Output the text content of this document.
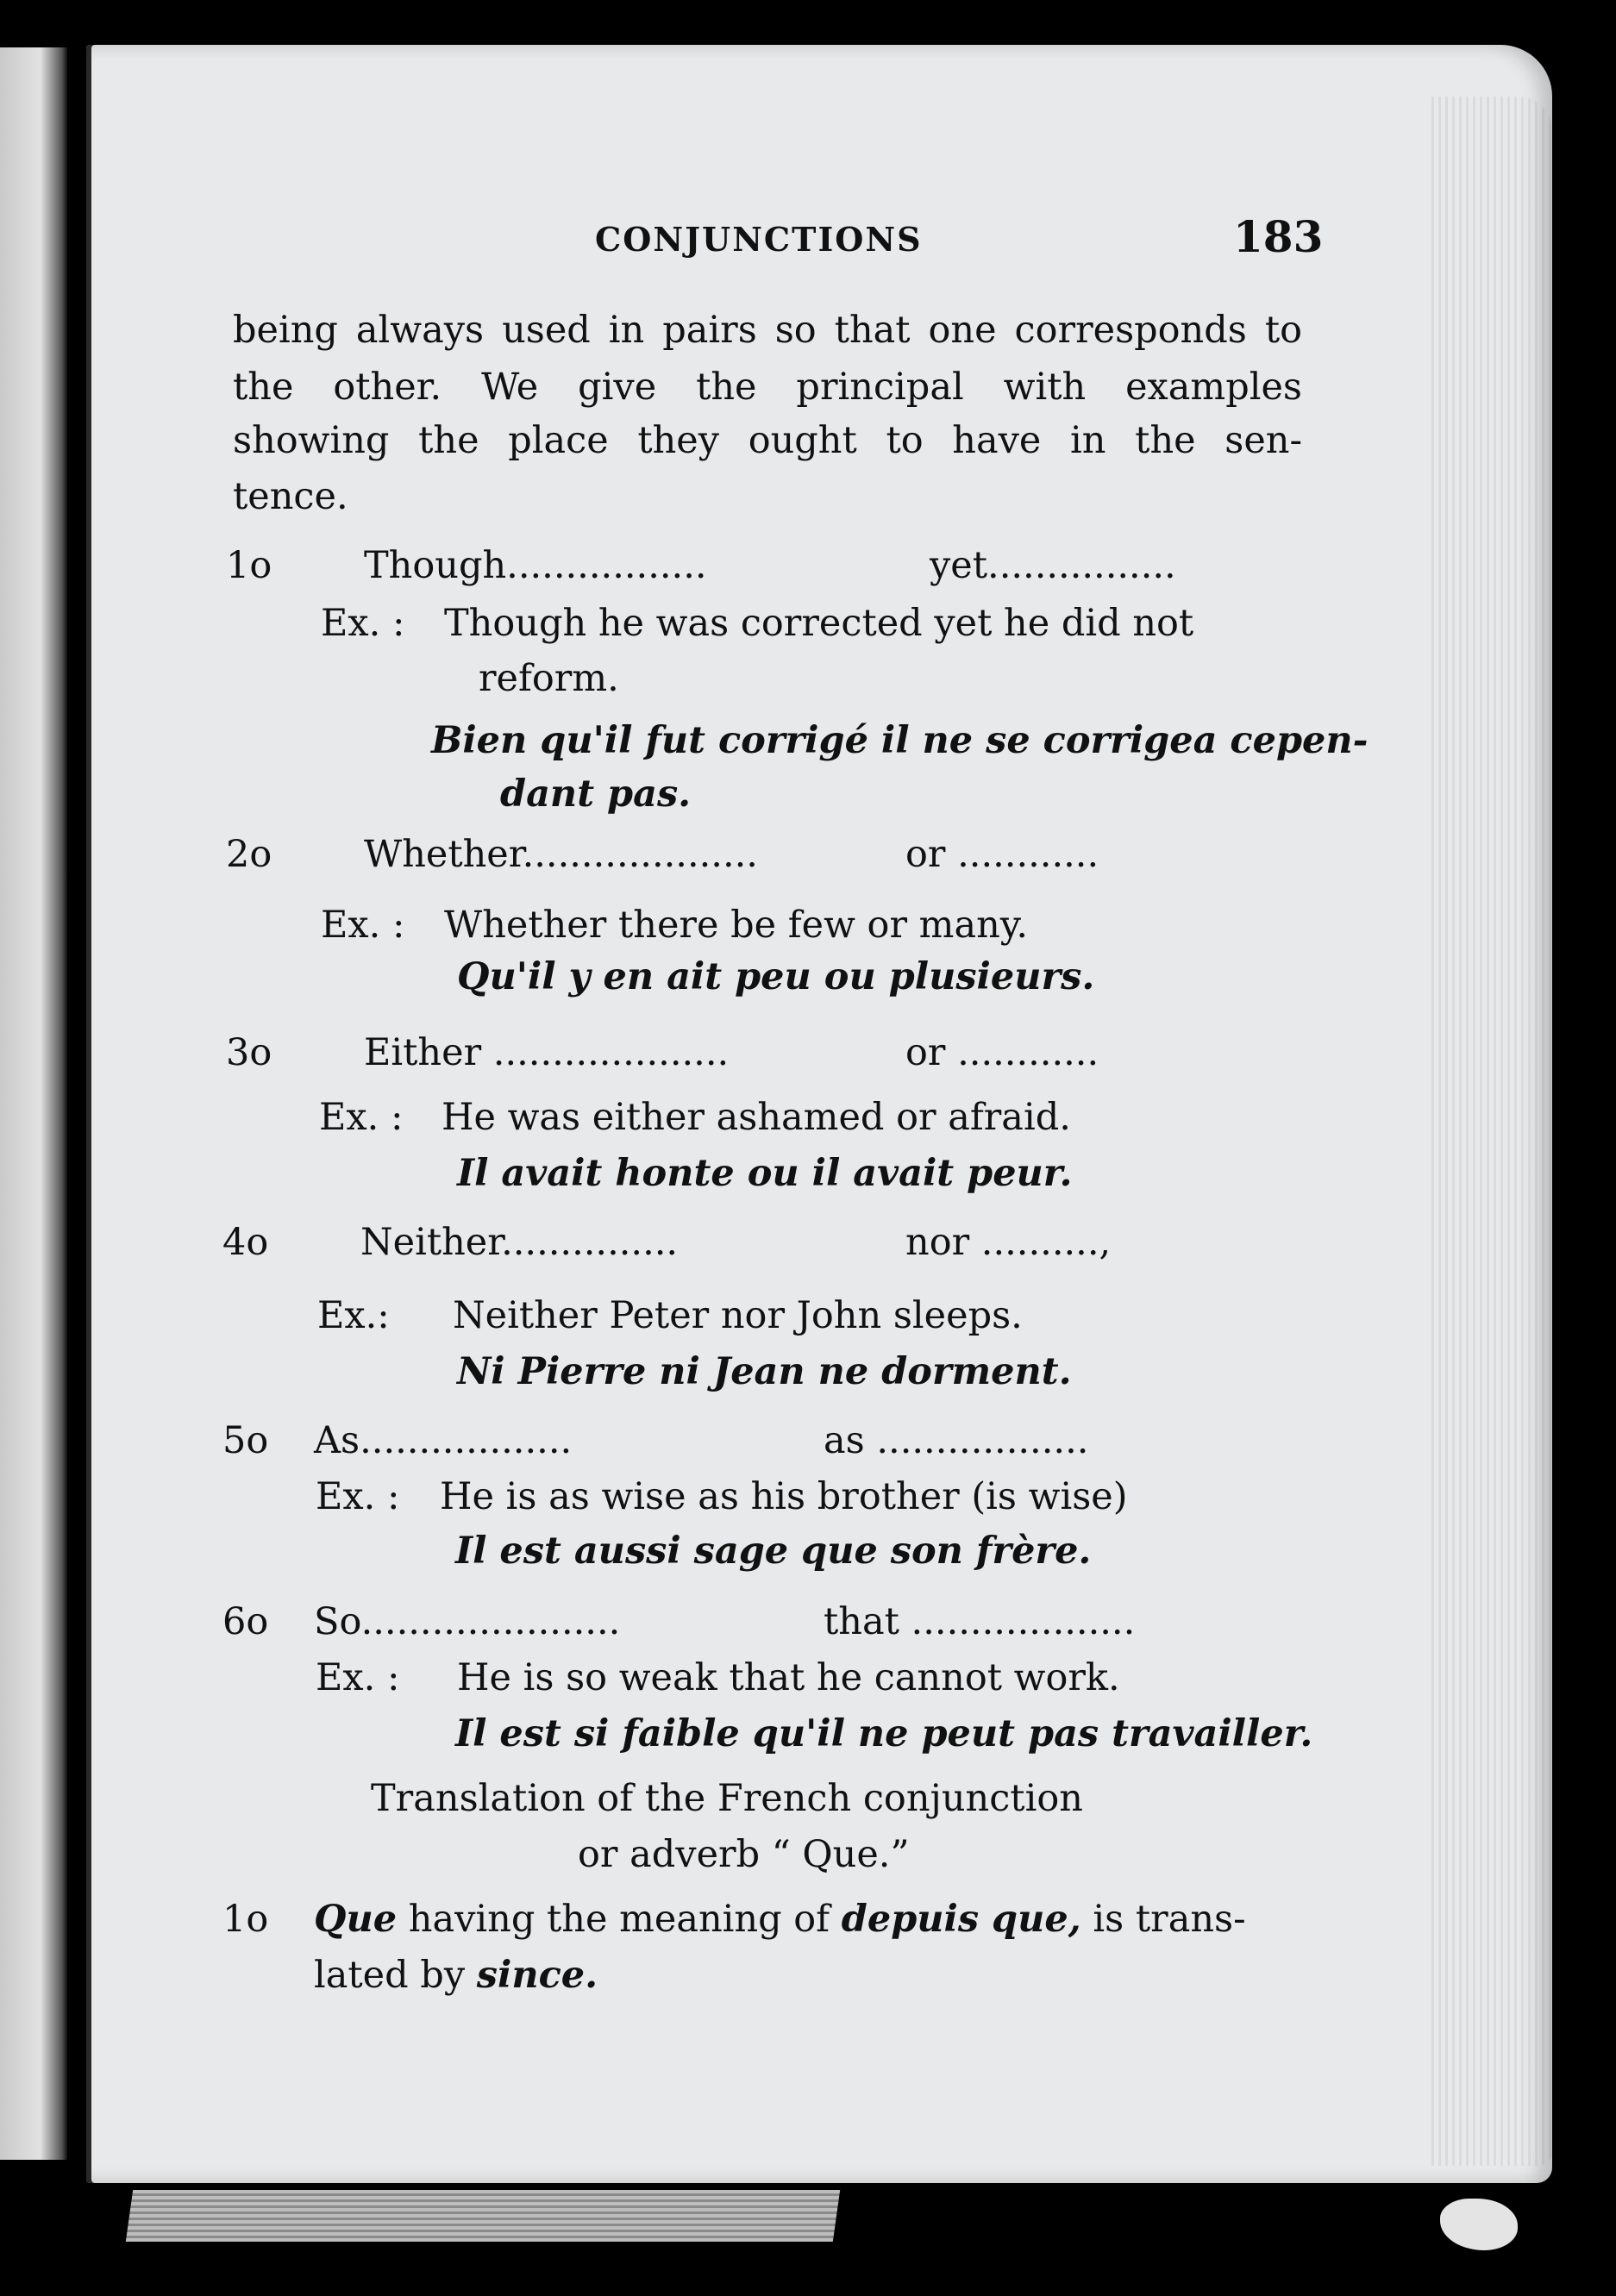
CONJUNCTIONS	183
being always used in pairs so that one corresponds to
the other. We give the principal with examples
showing the place they ought to have in the sen-
tence.
1o Though.................	yet................
Ex. : Though he was corrected yet he did not
reform.
Bien qu'il fut corrigé il ne se corrigea cepen-
dant pas.
2o Whether....................	or ............
Ex. : Whether there be few or many.
Qu'il y en ait peu ou plusieurs.
3o Either ....................	or ............
Ex. : He was either ashamed or afraid.
Il avait honte ou il avait peur.
4o Neither...............	nor ..........,
Ex.: Neither Peter nor John sleeps.
Ni Pierre ni Jean ne dorment.
5o As..................	as ..................
Ex. : He is as wise as his brother (is wise)
Il est aussi sage que son frère.
6o So......................	that ...................
Ex. : He is so weak that he cannot work.
Il est si faible qu'il ne peut pas travailler.
Translation of the French conjunction
or adverb “ Que.”
1o Que having the meaning of depuis que, is trans-
lated by since.
